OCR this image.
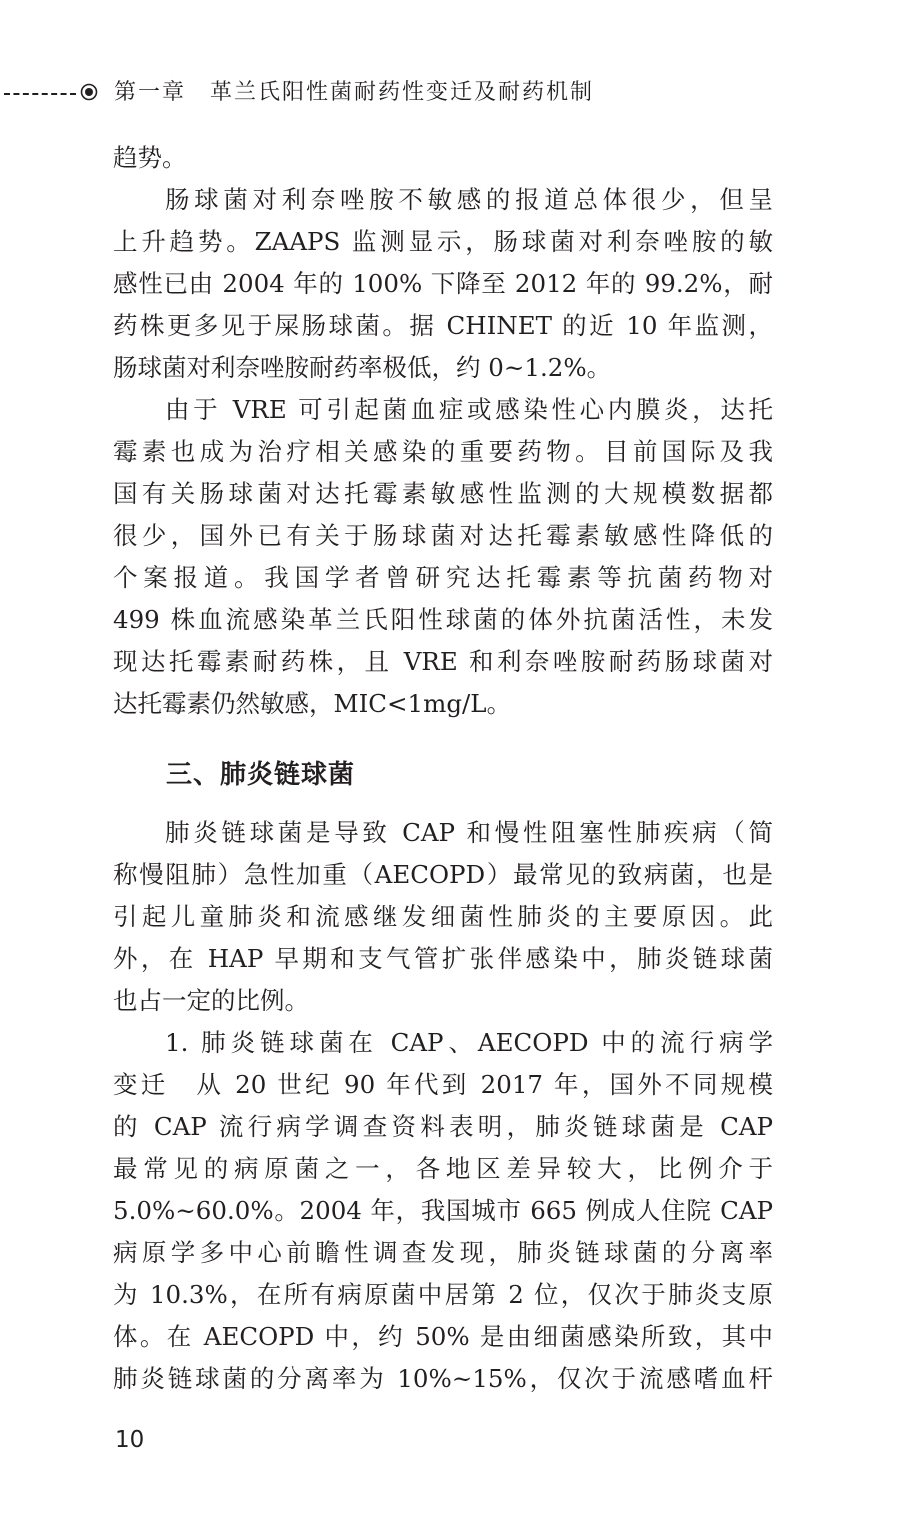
第一章　革兰氏阳性菌耐药性变迁及耐药机制
趋势。
肠球菌对利奈唑胺不敏感的报道总体很少，但呈
上升趋势。ZAAPS 监测显示，肠球菌对利奈唑胺的敏
感性已由 2004 年的 100% 下降至 2012 年的 99.2%，耐
药株更多见于屎肠球菌。据 CHINET 的近 10 年监测，
肠球菌对利奈唑胺耐药率极低，约 0~1.2%。
由于 VRE 可引起菌血症或感染性心内膜炎，达托
霉素也成为治疗相关感染的重要药物。目前国际及我
国有关肠球菌对达托霉素敏感性监测的大规模数据都
很少，国外已有关于肠球菌对达托霉素敏感性降低的
个案报道。我国学者曾研究达托霉素等抗菌药物对
499 株血流感染革兰氏阳性球菌的体外抗菌活性，未发
现达托霉素耐药株，且 VRE 和利奈唑胺耐药肠球菌对
达托霉素仍然敏感，MIC<1mg/L。
三、肺炎链球菌
肺炎链球菌是导致 CAP 和慢性阻塞性肺疾病（简
称慢阻肺）急性加重（AECOPD）最常见的致病菌，也是
引起儿童肺炎和流感继发细菌性肺炎的主要原因。此
外，在 HAP 早期和支气管扩张伴感染中，肺炎链球菌
也占一定的比例。
1. 肺炎链球菌在 CAP、AECOPD 中的流行病学
变迁　从 20 世纪 90 年代到 2017 年，国外不同规模
的 CAP 流行病学调查资料表明，肺炎链球菌是 CAP
最常见的病原菌之一，各地区差异较大，比例介于
5.0%~60.0%。2004 年，我国城市 665 例成人住院 CAP
病原学多中心前瞻性调查发现，肺炎链球菌的分离率
为 10.3%，在所有病原菌中居第 2 位，仅次于肺炎支原
体。在 AECOPD 中，约 50% 是由细菌感染所致，其中
肺炎链球菌的分离率为 10%~15%，仅次于流感嗜血杆
10
